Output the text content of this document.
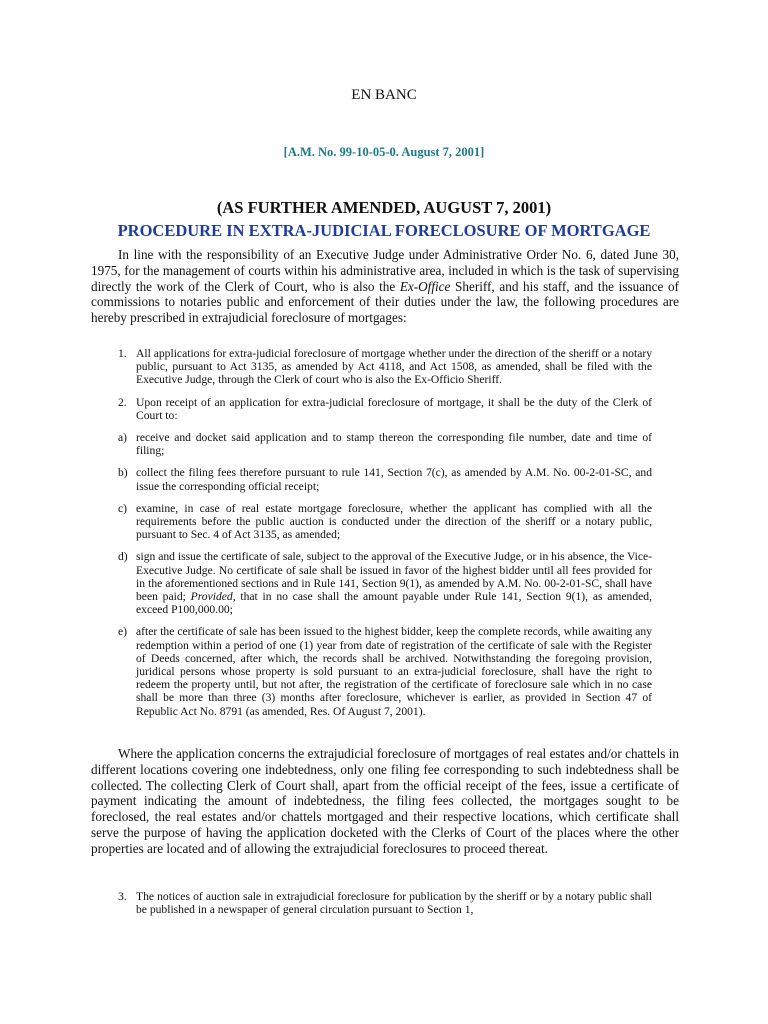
EN BANC
[A.M. No. 99-10-05-0. August 7, 2001]
(AS FURTHER AMENDED, AUGUST 7, 2001)
PROCEDURE IN EXTRA-JUDICIAL FORECLOSURE OF MORTGAGE

In line with the responsibility of an Executive Judge under Administrative Order No. 6, dated June 30, 1975, for the management of courts within his administrative area, included in which is the task of supervising directly the work of the Clerk of Court, who is also the Ex-Office Sheriff, and his staff, and the issuance of commissions to notaries public and enforcement of their duties under the law, the following procedures are hereby prescribed in extrajudicial foreclosure of mortgages:

1. All applications for extra-judicial foreclosure of mortgage whether under the direction of the sheriff or a notary public, pursuant to Act 3135, as amended by Act 4118, and Act 1508, as amended, shall be filed with the Executive Judge, through the Clerk of court who is also the Ex-Officio Sheriff.
2. Upon receipt of an application for extra-judicial foreclosure of mortgage, it shall be the duty of the Clerk of Court to:
a) receive and docket said application and to stamp thereon the corresponding file number, date and time of filing;
b) collect the filing fees therefore pursuant to rule 141, Section 7(c), as amended by A.M. No. 00-2-01-SC, and issue the corresponding official receipt;
c) examine, in case of real estate mortgage foreclosure, whether the applicant has complied with all the requirements before the public auction is conducted under the direction of the sheriff or a notary public, pursuant to Sec. 4 of Act 3135, as amended;
d) sign and issue the certificate of sale, subject to the approval of the Executive Judge, or in his absence, the Vice-Executive Judge. No certificate of sale shall be issued in favor of the highest bidder until all fees provided for in the aforementioned sections and in Rule 141, Section 9(1), as amended by A.M. No. 00-2-01-SC, shall have been paid; Provided, that in no case shall the amount payable under Rule 141, Section 9(1), as amended, exceed P100,000.00;
e) after the certificate of sale has been issued to the highest bidder, keep the complete records, while awaiting any redemption within a period of one (1) year from date of registration of the certificate of sale with the Register of Deeds concerned, after which, the records shall be archived. Notwithstanding the foregoing provision, juridical persons whose property is sold pursuant to an extra-judicial foreclosure, shall have the right to redeem the property until, but not after, the registration of the certificate of foreclosure sale which in no case shall be more than three (3) months after foreclosure, whichever is earlier, as provided in Section 47 of Republic Act No. 8791 (as amended, Res. Of August 7, 2001).

Where the application concerns the extrajudicial foreclosure of mortgages of real estates and/or chattels in different locations covering one indebtedness, only one filing fee corresponding to such indebtedness shall be collected. The collecting Clerk of Court shall, apart from the official receipt of the fees, issue a certificate of payment indicating the amount of indebtedness, the filing fees collected, the mortgages sought to be foreclosed, the real estates and/or chattels mortgaged and their respective locations, which certificate shall serve the purpose of having the application docketed with the Clerks of Court of the places where the other properties are located and of allowing the extrajudicial foreclosures to proceed thereat.

3. The notices of auction sale in extrajudicial foreclosure for publication by the sheriff or by a notary public shall be published in a newspaper of general circulation pursuant to Section 1,
